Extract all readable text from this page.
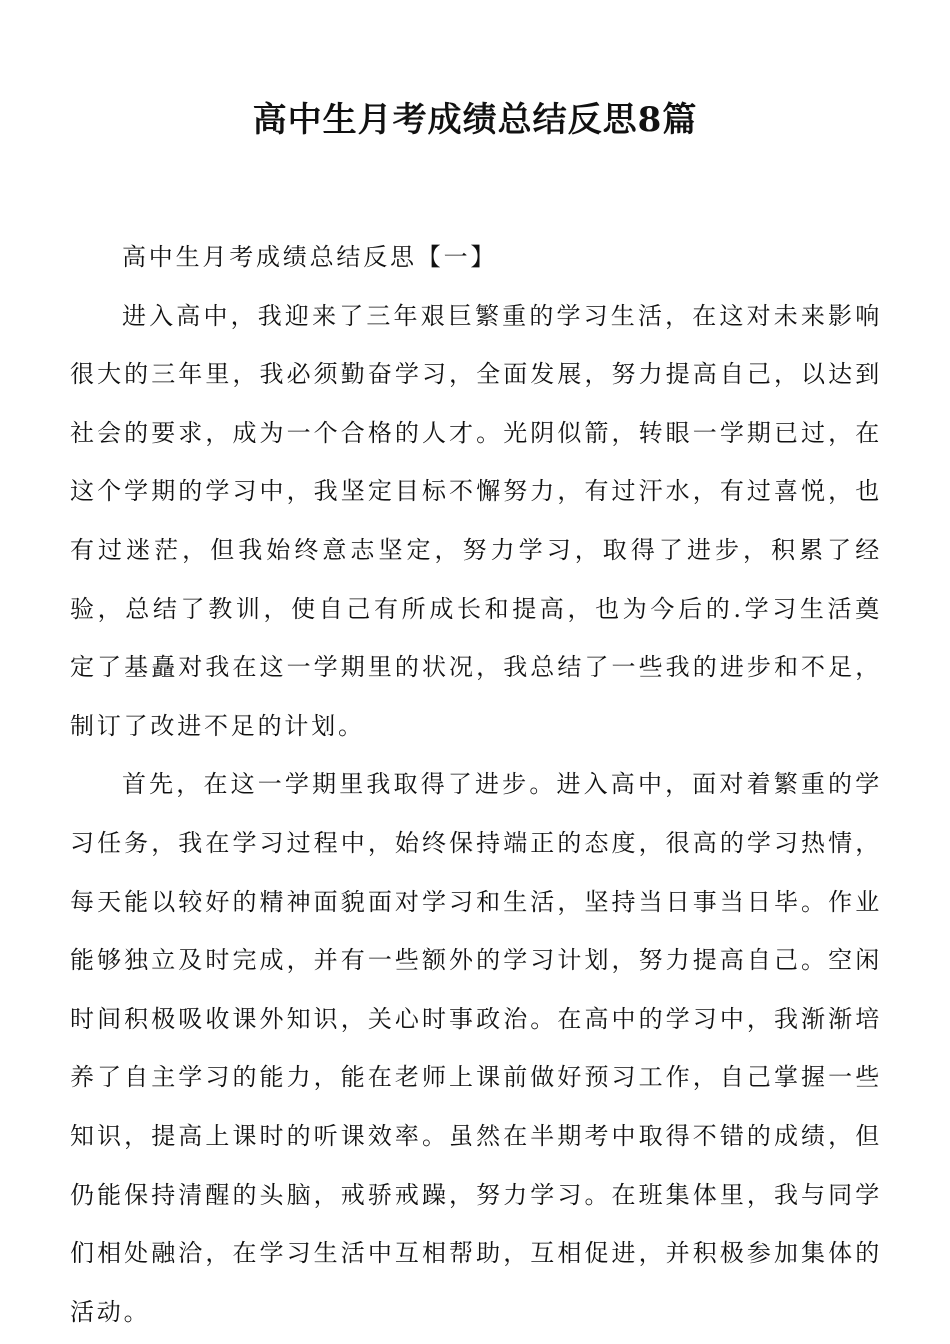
高中生月考成绩总结反思8篇
高中生月考成绩总结反思【一】

进入高中，我迎来了三年艰巨繁重的学习生活，在这对未来影响很大的三年里，我必须勤奋学习，全面发展，努力提高自己，以达到社会的要求，成为一个合格的人才。光阴似箭，转眼一学期已过，在这个学期的学习中，我坚定目标不懈努力，有过汗水，有过喜悦，也有过迷茫，但我始终意志坚定，努力学习，取得了进步，积累了经验，总结了教训，使自己有所成长和提高，也为今后的.学习生活奠定了基矗对我在这一学期里的状况，我总结了一些我的进步和不足，制订了改进不足的计划。

首先，在这一学期里我取得了进步。进入高中，面对着繁重的学习任务，我在学习过程中，始终保持端正的态度，很高的学习热情，每天能以较好的精神面貌面对学习和生活，坚持当日事当日毕。作业能够独立及时完成，并有一些额外的学习计划，努力提高自己。空闲时间积极吸收课外知识，关心时事政治。在高中的学习中，我渐渐培养了自主学习的能力，能在老师上课前做好预习工作，自己掌握一些知识，提高上课时的听课效率。虽然在半期考中取得不错的成绩，但仍能保持清醒的头脑，戒骄戒躁，努力学习。在班集体里，我与同学们相处融洽，在学习生活中互相帮助，互相促进，并积极参加集体的活动。
